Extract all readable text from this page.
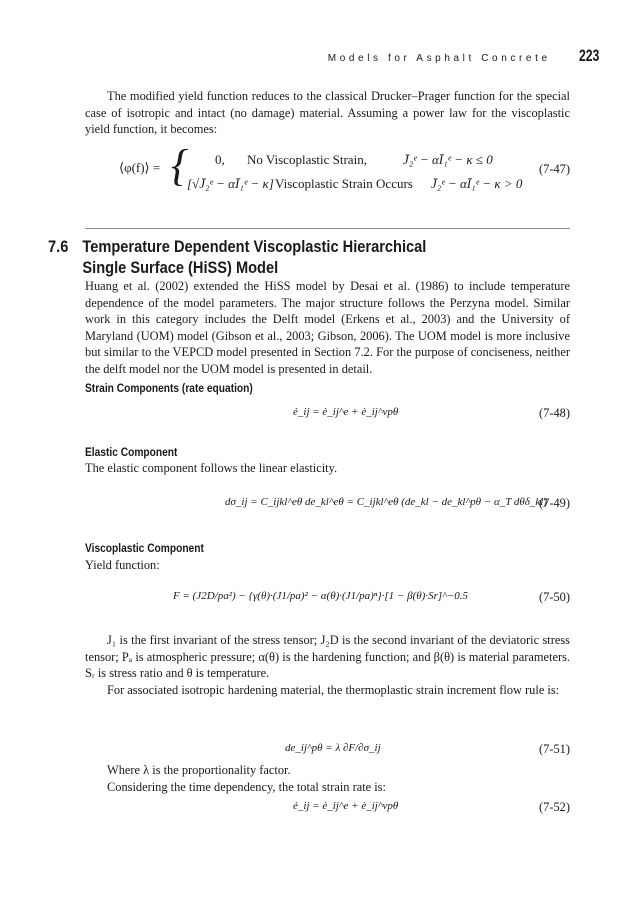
Models for Asphalt Concrete 223
The modified yield function reduces to the classical Drucker–Prager function for the special case of isotropic and intact (no damage) material. Assuming a power law for the viscoplastic yield function, it becomes:
⟨φ(f)⟩ = { 0, No Viscoplastic Strain,	J̄₂ᵉ − αĪ₁ᵉ − κ ≤ 0
[√J̄₂ᵉ − αĪ₁ᵉ − κ] Viscoplastic Strain Occurs J̄₂ᵉ − αĪ₁ᵉ − κ > 0
(7-47)
7.6 Temperature Dependent Viscoplastic Hierarchical
Single Surface (HiSS) Model
Huang et al. (2002) extended the HiSS model by Desai et al. (1986) to include temperature dependence of the model parameters. The major structure follows the Perzyna model. Similar work in this category includes the Delft model (Erkens et al., 2003) and the University of Maryland (UOM) model (Gibson et al., 2003; Gibson, 2006). The UOM model is more inclusive but similar to the VEPCD model presented in Section 7.2. For the purpose of conciseness, neither the delft model nor the UOM model is presented in detail.
Strain Components (rate equation)
ė_ij = ė_ij^e + ė_ij^vpθ	(7-48)
Elastic Component
The elastic component follows the linear elasticity.
dσ_ij = C_ijkl^eθ de_kl^eθ = C_ijkl^eθ (de_kl − de_kl^pθ − α_T dθδ_kl)
(7-49)
Viscoplastic Component
Yield function:
F = (J2D/pa²) − {γ(θ)·(J1/pa)² − α(θ)·(J1/pa)ⁿ}·[1 − β(θ)·Sr]^−0.5	(7-50)
J₁ is the first invariant of the stress tensor; J₂D is the second invariant of the deviatoric stress tensor; Pₐ is atmospheric pressure; α(θ) is the hardening function; and β(θ) is material parameters. Sᵣ is stress ratio and θ is temperature.
For associated isotropic hardening material, the thermoplastic strain increment flow rule is:
de_ij^pθ = λ ∂F/∂σ_ij	(7-51)
Where λ is the proportionality factor.
Considering the time dependency, the total strain rate is:
ė_ij = ė_ij^e + ė_ij^vpθ	(7-52)
